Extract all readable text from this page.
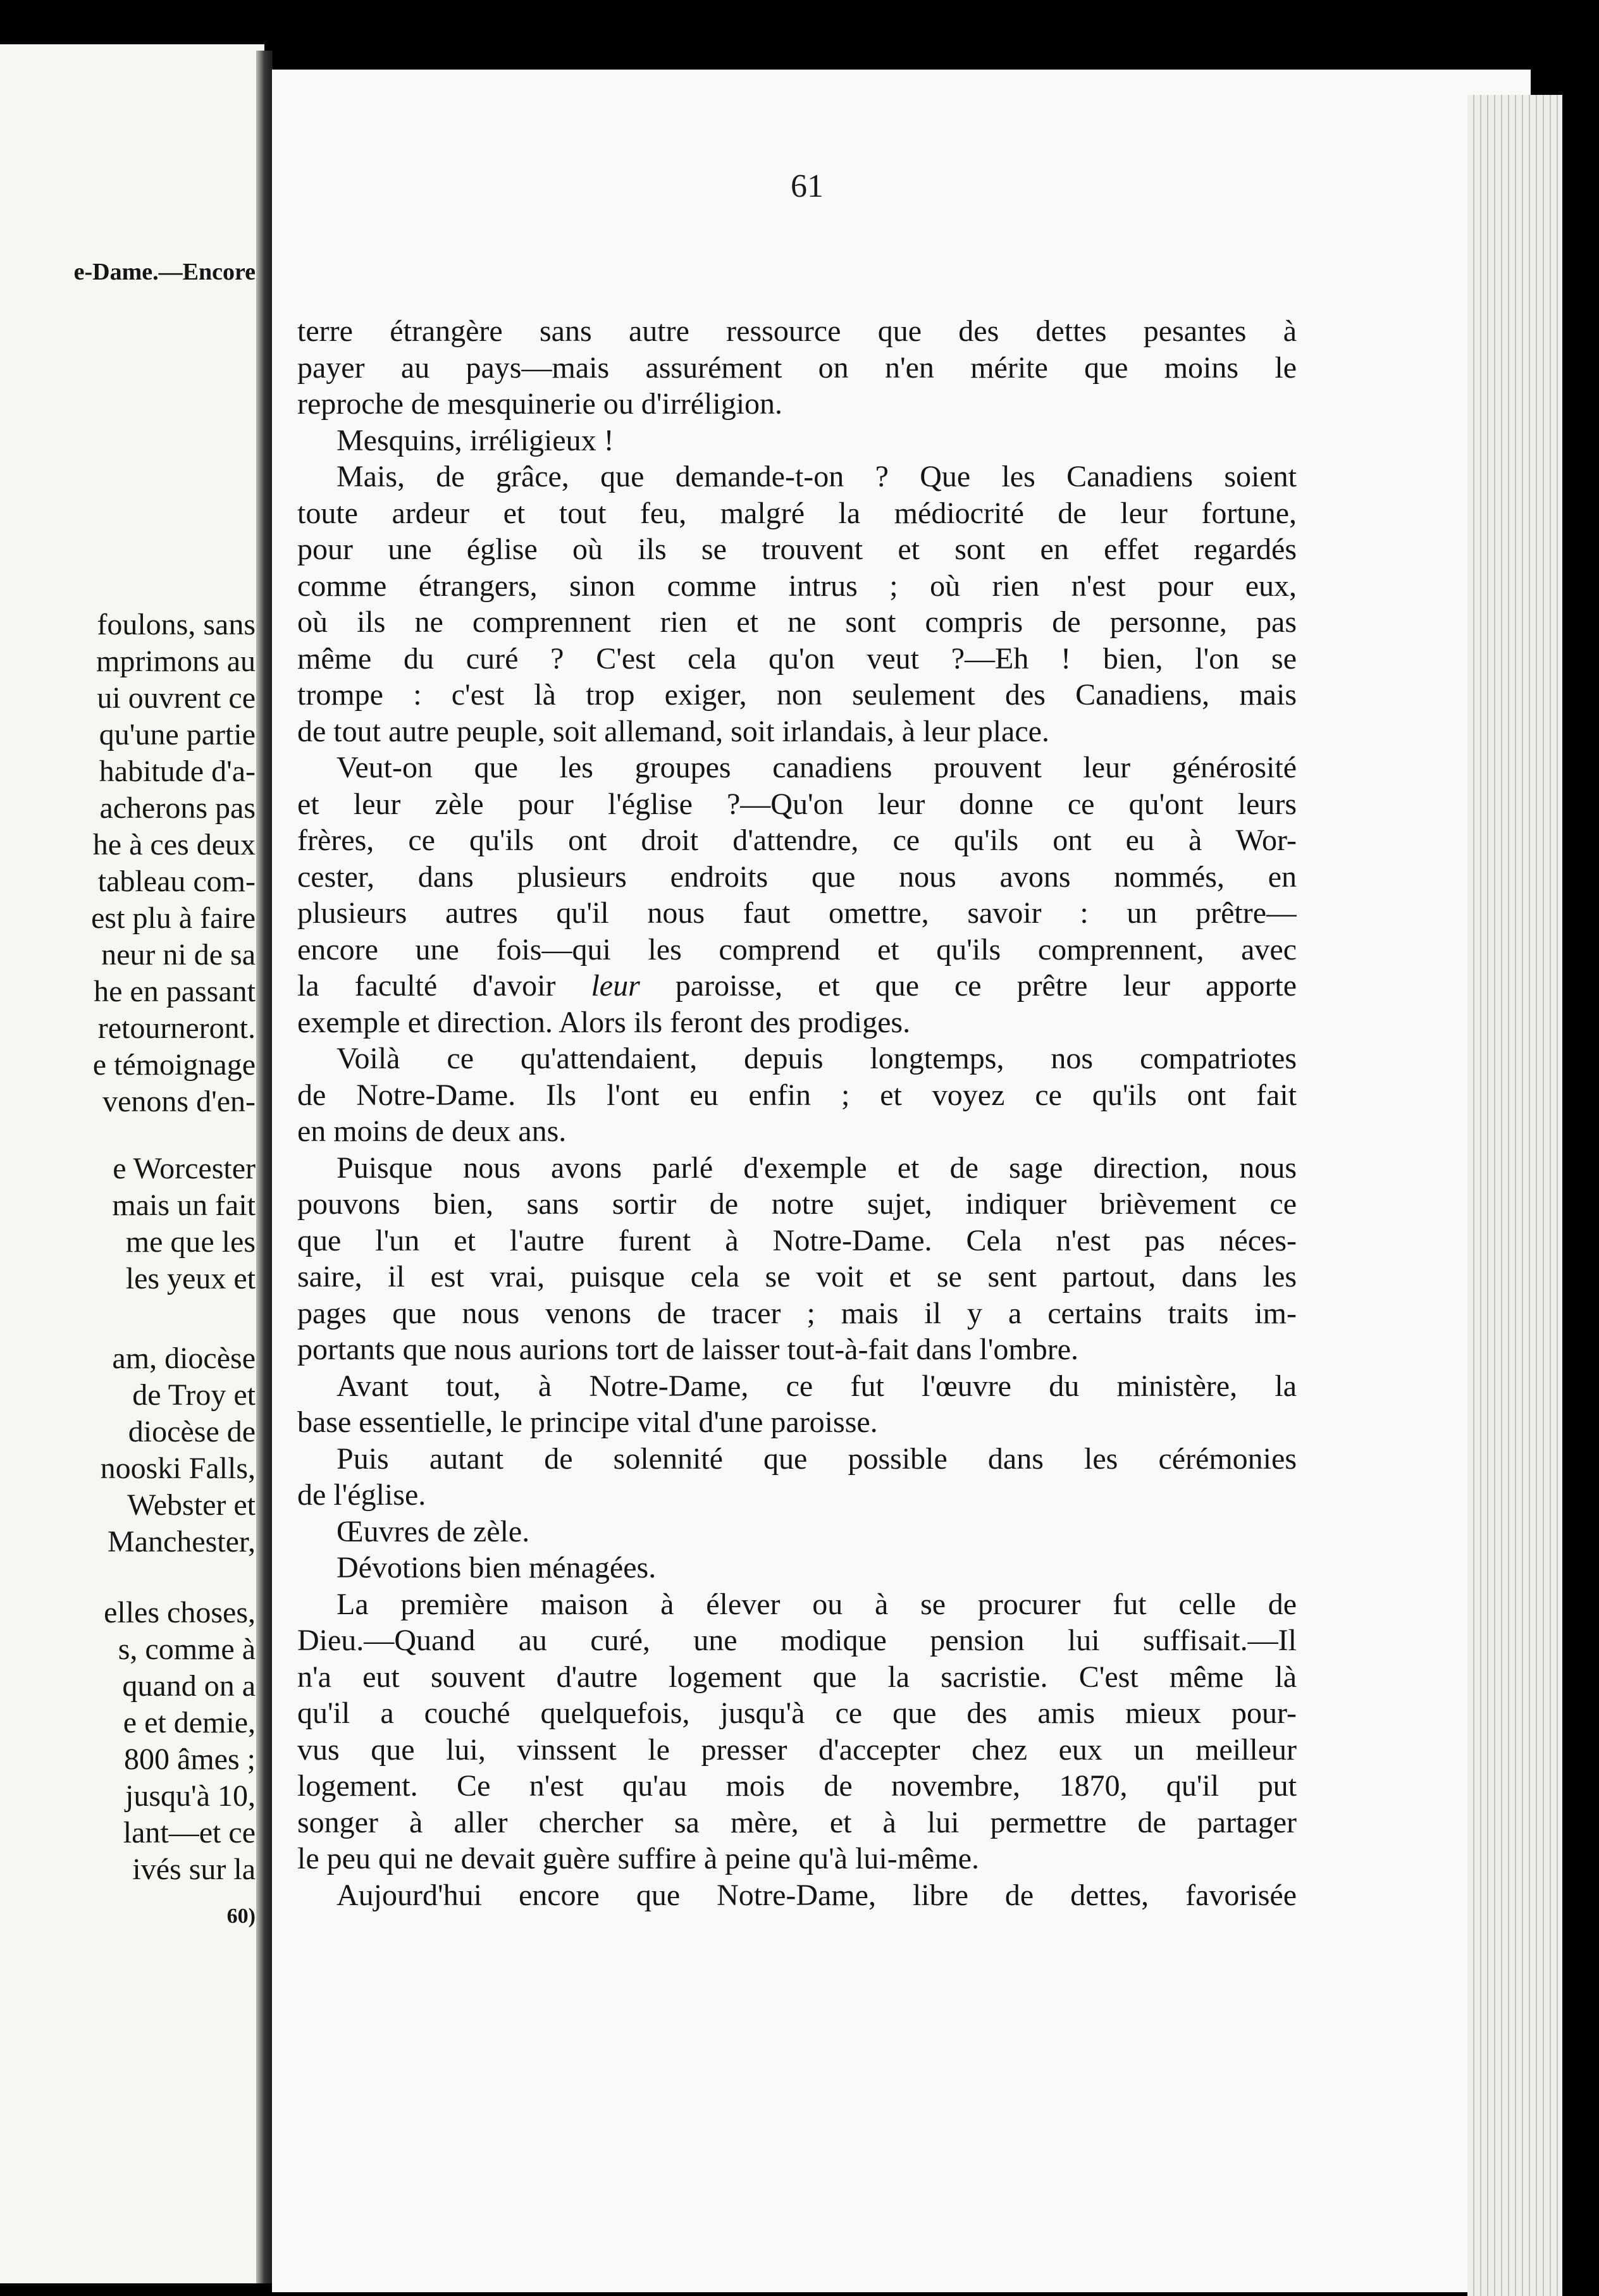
e-Dame.—Encore

foulons, sans

mprimons au

ui ouvrent ce

qu'une partie

habitude d'a-

acherons pas

he à ces deux

tableau com-

est plu à faire

neur ni de sa

he en passant

retourneront.

e témoignage

venons d'en-

e Worcester

mais un fait

me que les

les yeux et

am, diocèse

de Troy et

diocèse de

nooski Falls,

Webster et

Manchester,

elles choses,

s, comme à

quand on a

e et demie,

800 âmes ;

jusqu'à 10,

lant—et ce

ivés sur la

60)

61

terre étrangère sans autre ressource que des dettes pesantes à
payer au pays—mais assurément on n'en mérite que moins le
reproche de mesquinerie ou d'irréligion.
Mesquins, irréligieux !
Mais, de grâce, que demande-t-on ? Que les Canadiens soient
toute ardeur et tout feu, malgré la médiocrité de leur fortune,
pour une église où ils se trouvent et sont en effet regardés
comme étrangers, sinon comme intrus ; où rien n'est pour eux,
où ils ne comprennent rien et ne sont compris de personne, pas
même du curé ? C'est cela qu'on veut ?—Eh ! bien, l'on se
trompe : c'est là trop exiger, non seulement des Canadiens, mais
de tout autre peuple, soit allemand, soit irlandais, à leur place.
Veut-on que les groupes canadiens prouvent leur générosité
et leur zèle pour l'église ?—Qu'on leur donne ce qu'ont leurs
frères, ce qu'ils ont droit d'attendre, ce qu'ils ont eu à Wor-
cester, dans plusieurs endroits que nous avons nommés, en
plusieurs autres qu'il nous faut omettre, savoir : un prêtre—
encore une fois—qui les comprend et qu'ils comprennent, avec
la faculté d'avoir leur paroisse, et que ce prêtre leur apporte
exemple et direction. Alors ils feront des prodiges.
Voilà ce qu'attendaient, depuis longtemps, nos compatriotes
de Notre-Dame. Ils l'ont eu enfin ; et voyez ce qu'ils ont fait
en moins de deux ans.
Puisque nous avons parlé d'exemple et de sage direction, nous
pouvons bien, sans sortir de notre sujet, indiquer brièvement ce
que l'un et l'autre furent à Notre-Dame. Cela n'est pas néces-
saire, il est vrai, puisque cela se voit et se sent partout, dans les
pages que nous venons de tracer ; mais il y a certains traits im-
portants que nous aurions tort de laisser tout-à-fait dans l'ombre.
Avant tout, à Notre-Dame, ce fut l'œuvre du ministère, la
base essentielle, le principe vital d'une paroisse.
Puis autant de solennité que possible dans les cérémonies
de l'église.
Œuvres de zèle.
Dévotions bien ménagées.
La première maison à élever ou à se procurer fut celle de
Dieu.—Quand au curé, une modique pension lui suffisait.—Il
n'a eut souvent d'autre logement que la sacristie. C'est même là
qu'il a couché quelquefois, jusqu'à ce que des amis mieux pour-
vus que lui, vinssent le presser d'accepter chez eux un meilleur
logement. Ce n'est qu'au mois de novembre, 1870, qu'il put
songer à aller chercher sa mère, et à lui permettre de partager
le peu qui ne devait guère suffire à peine qu'à lui-même.
Aujourd'hui encore que Notre-Dame, libre de dettes, favorisée
